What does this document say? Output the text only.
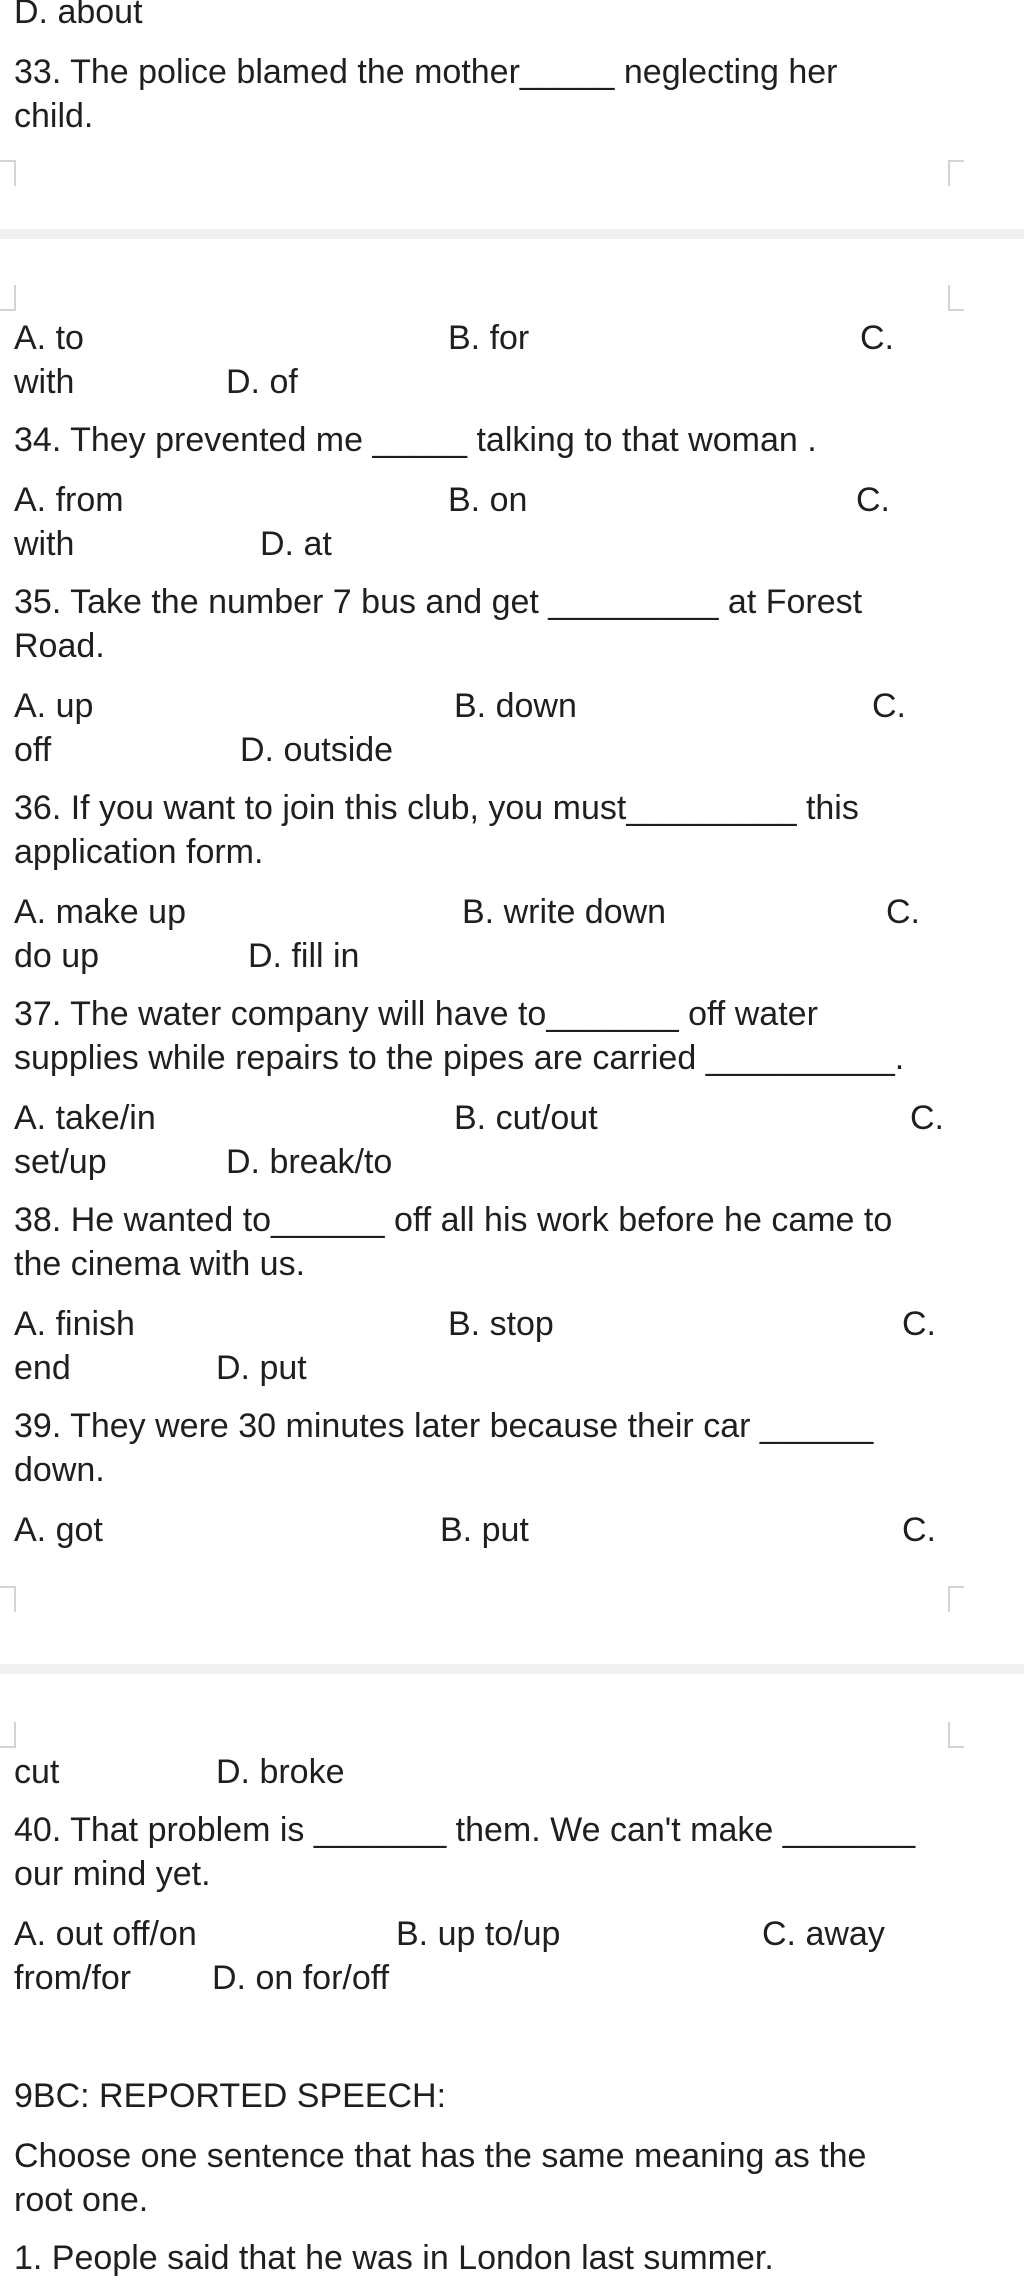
D. about

33. The police blamed the mother_____ neglecting her

child.

A. to	B. for	C.

with	D. of

34. They prevented me _____ talking to that woman .

A. from	B. on	C.

with	D. at

35. Take the number 7 bus and get _________ at Forest

Road.

A. up	B. down	C.

off	D. outside

36. If you want to join this club, you must_________ this

application form.

A. make up	B. write down	C.

do up	D. fill in

37. The water company will have to_______ off water

supplies while repairs to the pipes are carried __________.

A. take/in	B. cut/out	C.

set/up	D. break/to

38. He wanted to______ off all his work before he came to

the cinema with us.

A. finish	B. stop	C.

end	D. put

39. They were 30 minutes later because their car ______

down.

A. got	B. put	C.

cut	D. broke

40. That problem is _______ them. We can't make _______

our mind yet.

A. out off/on	B. up to/up	C. away

from/for D. on for/off

9BC: REPORTED SPEECH:

Choose one sentence that has the same meaning as the

root one.

1. People said that he was in London last summer.
